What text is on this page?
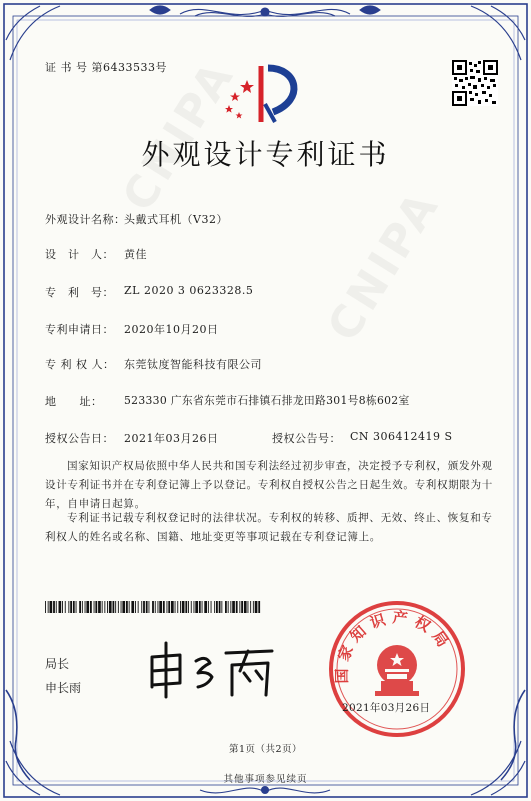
证 书 号 第6433533号
外观设计专利证书
外观设计名称：
头戴式耳机（V32）
设　计　人： 黄佳
专　利　号： ZL 2020 3 0623328.5
专利申请日： 2020年10月20日
专 利 权 人： 东莞钛度智能科技有限公司
地　　址： 523330 广东省东莞市石排镇石排龙田路301号8栋602室
授权公告日： 2021年03月26日	授权公告号： CN 306412419 S
国家知识产权局依照中华人民共和国专利法经过初步审查，决定授予专利权，颁发外观设计专利证书并在专利登记簿上予以登记。专利权自授权公告之日起生效。专利权期限为十年，自申请日起算。
专利证书记载专利权登记时的法律状况。专利权的转移、质押、无效、终止、恢复和专利权人的姓名或名称、国籍、地址变更等事项记载在专利登记簿上。
局长
申长雨
国家知识产权局
2021年03月26日
第1页（共2页）
其他事项参见续页
